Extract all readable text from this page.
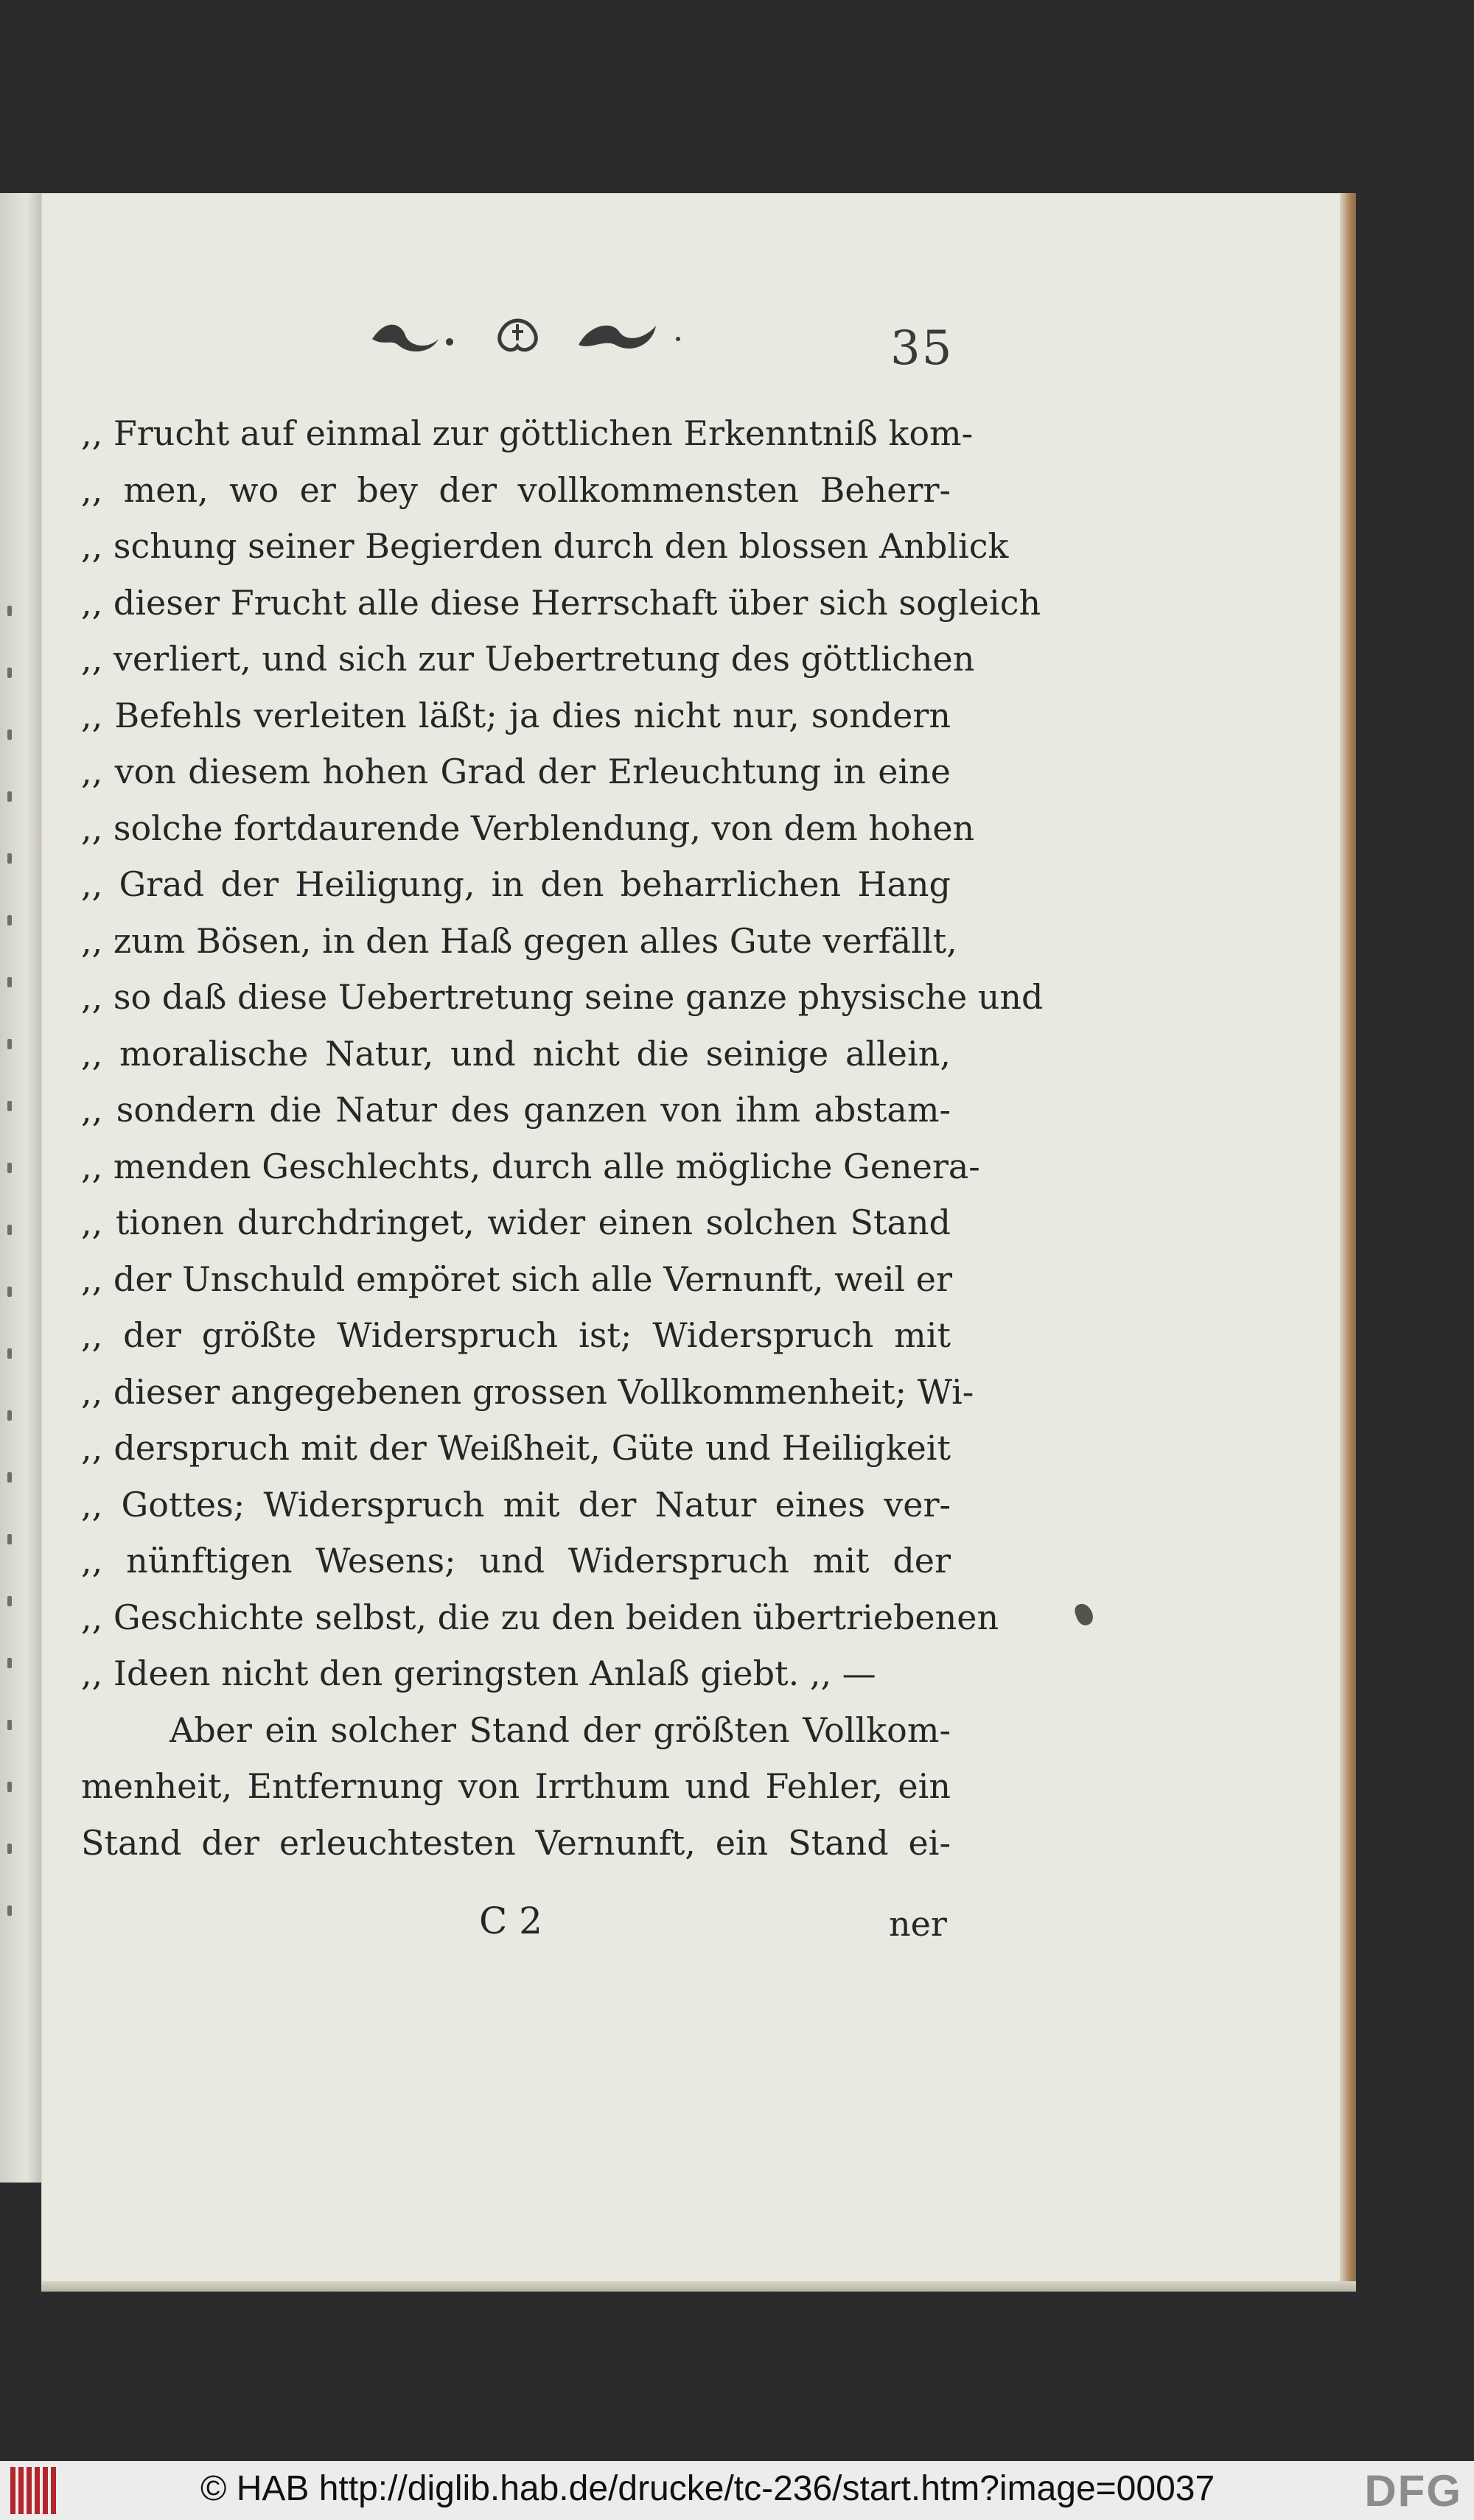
35
,, Frucht auf einmal zur göttlichen Erkenntniß kom-
,, men, wo er bey der vollkommensten Beherr-
,, schung seiner Begierden durch den blossen Anblick
,, dieser Frucht alle diese Herrschaft über sich sogleich
,, verliert, und sich zur Uebertretung des göttlichen
,, Befehls verleiten läßt; ja dies nicht nur, sondern
,, von diesem hohen Grad der Erleuchtung in eine
,, solche fortdaurende Verblendung, von dem hohen
,, Grad der Heiligung, in den beharrlichen Hang
,, zum Bösen, in den Haß gegen alles Gute verfällt,
,, so daß diese Uebertretung seine ganze physische und
,, moralische Natur, und nicht die seinige allein,
,, sondern die Natur des ganzen von ihm abstam-
,, menden Geschlechts, durch alle mögliche Genera-
,, tionen durchdringet, wider einen solchen Stand
,, der Unschuld empöret sich alle Vernunft, weil er
,, der größte Widerspruch ist; Widerspruch mit
,, dieser angegebenen grossen Vollkommenheit; Wi-
,, derspruch mit der Weißheit, Güte und Heiligkeit
,, Gottes; Widerspruch mit der Natur eines ver-
,, nünftigen Wesens; und Widerspruch mit der
,, Geschichte selbst, die zu den beiden übertriebenen
,, Ideen nicht den geringsten Anlaß giebt. ,, —
Aber ein solcher Stand der größten Vollkom-
menheit, Entfernung von Irrthum und Fehler, ein
Stand der erleuchtesten Vernunft, ein Stand ei-
C 2	ner
© HAB http://diglib.hab.de/drucke/tc-236/start.htm?image=00037	DFG
